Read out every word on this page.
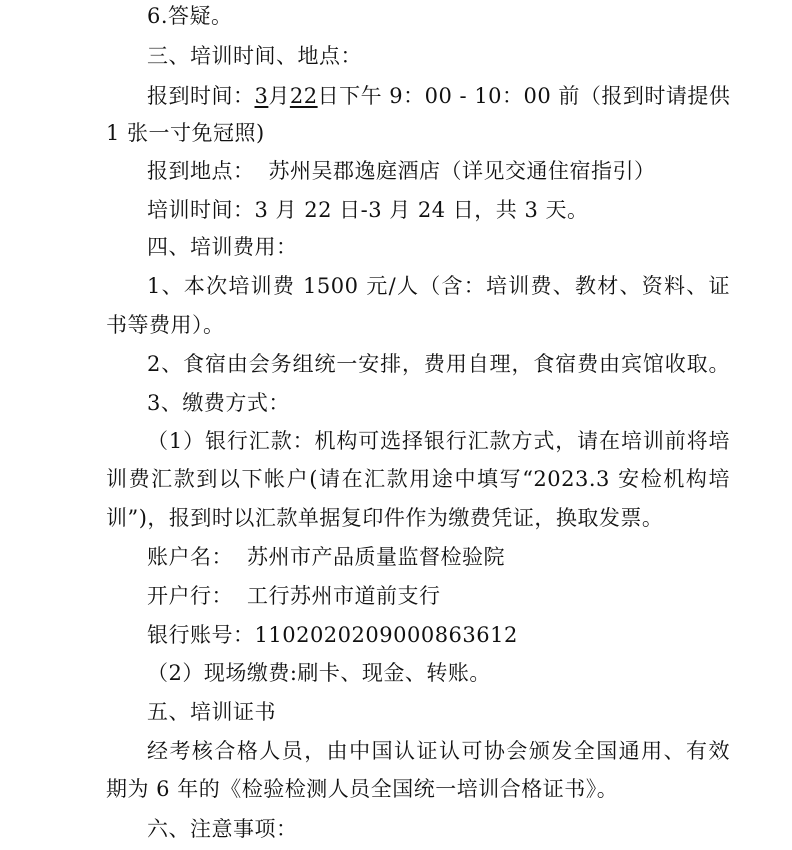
6.答疑。
三、培训时间、地点：
报到时间：3月22日下午 9：00 - 10：00 前（报到时请提供
1 张一寸免冠照)
报到地点： 苏州吴郡逸庭酒店（详见交通住宿指引）
培训时间：3 月 22 日-3 月 24 日，共 3 天。
四、培训费用：
1、本次培训费 1500 元/人（含：培训费、教材、资料、证
书等费用）。
2、食宿由会务组统一安排，费用自理，食宿费由宾馆收取。
3、缴费方式：
（1）银行汇款：机构可选择银行汇款方式，请在培训前将培
训费汇款到以下帐户(请在汇款用途中填写“2023.3 安检机构培
训”)，报到时以汇款单据复印件作为缴费凭证，换取发票。
账户名： 苏州市产品质量监督检验院
开户行： 工行苏州市道前支行
银行账号：1102020209000863612
（2）现场缴费:刷卡、现金、转账。
五、培训证书
经考核合格人员，由中国认证认可协会颁发全国通用、有效
期为 6 年的《检验检测人员全国统一培训合格证书》。
六、注意事项：
